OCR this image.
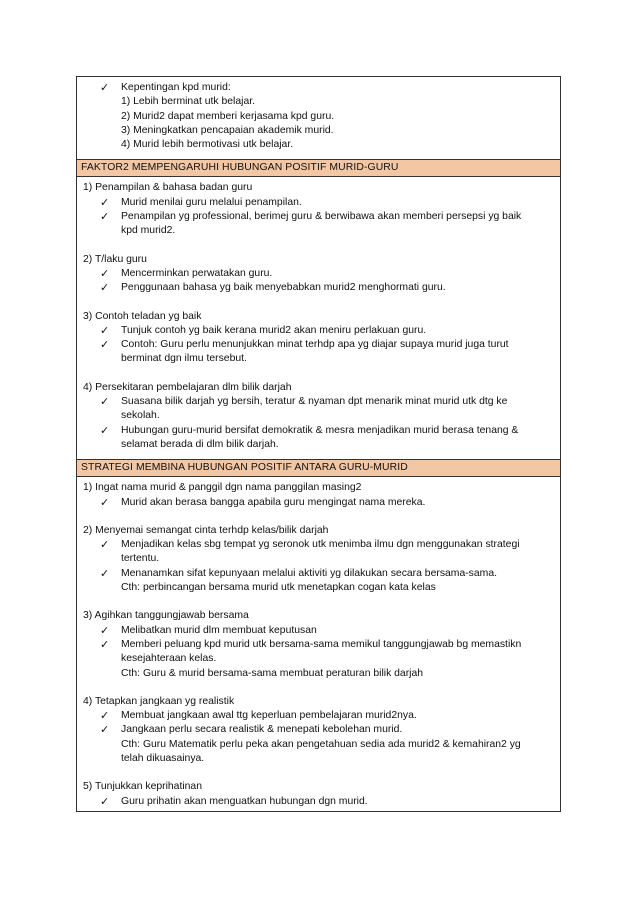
✓ Kepentingan kpd murid:
1) Lebih berminat utk belajar.
2) Murid2 dapat memberi kerjasama kpd guru.
3) Meningkatkan pencapaian akademik murid.
4) Murid lebih bermotivasi utk belajar.
FAKTOR2 MEMPENGARUHI HUBUNGAN POSITIF MURID-GURU
1) Penampilan & bahasa badan guru
✓ Murid menilai guru melalui penampilan.
✓ Penampilan yg professional, berimej guru & berwibawa akan memberi persepsi yg baik
kpd murid2.
2) T/laku guru
✓ Mencerminkan perwatakan guru.
✓ Penggunaan bahasa yg baik menyebabkan murid2 menghormati guru.
3) Contoh teladan yg baik
✓ Tunjuk contoh yg baik kerana murid2 akan meniru perlakuan guru.
✓ Contoh: Guru perlu menunjukkan minat terhdp apa yg diajar supaya murid juga turut
berminat dgn ilmu tersebut.
4) Persekitaran pembelajaran dlm bilik darjah
✓ Suasana bilik darjah yg bersih, teratur & nyaman dpt menarik minat murid utk dtg ke
sekolah.
✓ Hubungan guru-murid bersifat demokratik & mesra menjadikan murid berasa tenang &
selamat berada di dlm bilik darjah.
STRATEGI MEMBINA HUBUNGAN POSITIF ANTARA GURU-MURID
1) Ingat nama murid & panggil dgn nama panggilan masing2
✓ Murid akan berasa bangga apabila guru mengingat nama mereka.
2) Menyemai semangat cinta terhdp kelas/bilik darjah
✓ Menjadikan kelas sbg tempat yg seronok utk menimba ilmu dgn menggunakan strategi
tertentu.
✓ Menanamkan sifat kepunyaan melalui aktiviti yg dilakukan secara bersama-sama.
Cth: perbincangan bersama murid utk menetapkan cogan kata kelas
3) Agihkan tanggungjawab bersama
✓ Melibatkan murid dlm membuat keputusan
✓ Memberi peluang kpd murid utk bersama-sama memikul tanggungjawab bg memastikn
kesejahteraan kelas.
Cth: Guru & murid bersama-sama membuat peraturan bilik darjah
4) Tetapkan jangkaan yg realistik
✓ Membuat jangkaan awal ttg keperluan pembelajaran murid2nya.
✓ Jangkaan perlu secara realistik & menepati kebolehan murid.
Cth: Guru Matematik perlu peka akan pengetahuan sedia ada murid2 & kemahiran2 yg
telah dikuasainya.
5) Tunjukkan keprihatinan
✓ Guru prihatin akan menguatkan hubungan dgn murid.
